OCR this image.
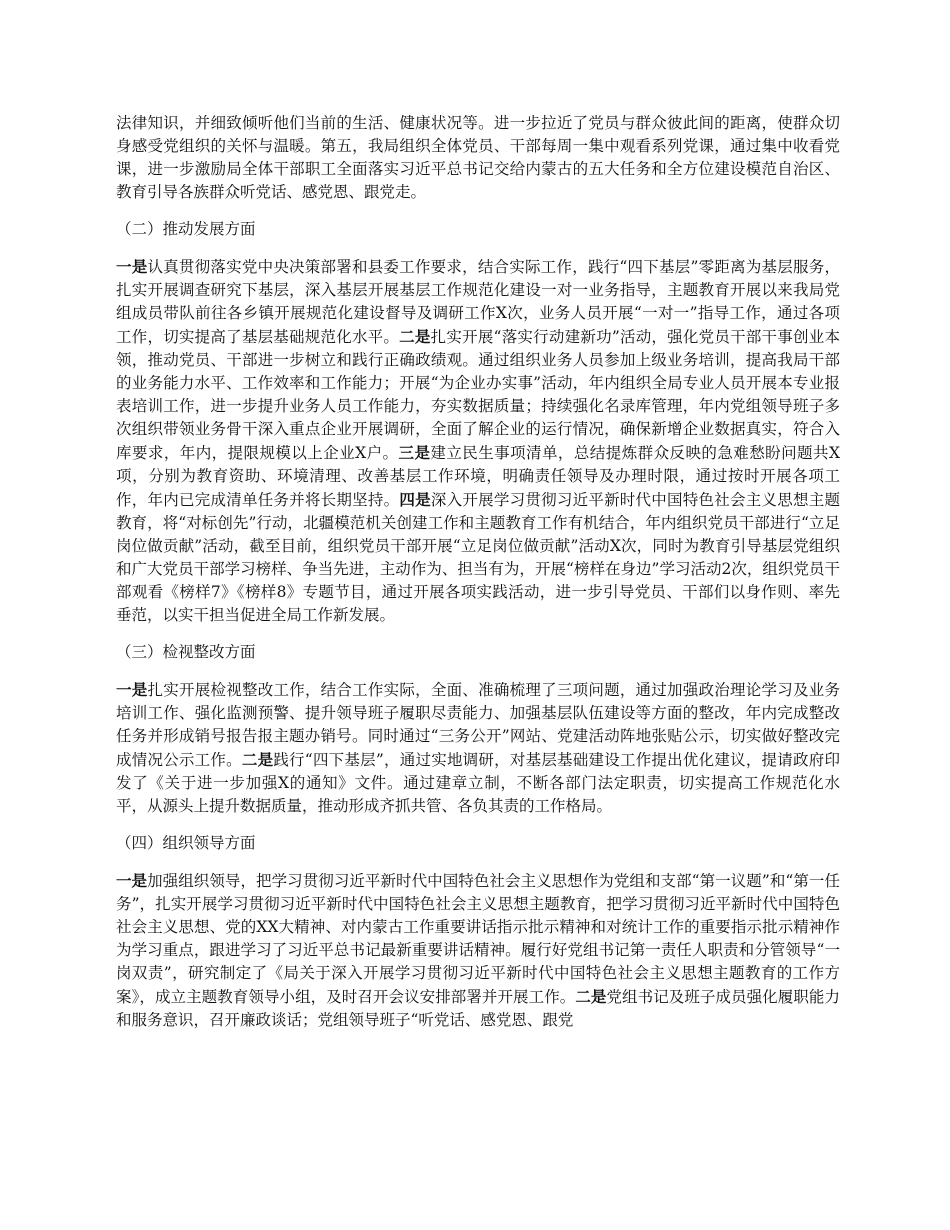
法律知识，并细致倾听他们当前的生活、健康状况等。进一步拉近了党员与群众彼此间的距离，使群众切身感受党组织的关怀与温暖。第五，我局组织全体党员、干部每周一集中观看系列党课，通过集中收看党课，进一步激励局全体干部职工全面落实习近平总书记交给内蒙古的五大任务和全方位建设模范自治区、教育引导各族群众听党话、感党恩、跟党走。

（二）推动发展方面

一是认真贯彻落实党中央决策部署和县委工作要求，结合实际工作，践行“四下基层”零距离为基层服务，扎实开展调查研究下基层，深入基层开展基层工作规范化建设一对一业务指导，主题教育开展以来我局党组成员带队前往各乡镇开展规范化建设督导及调研工作X次，业务人员开展“一对一”指导工作，通过各项工作，切实提高了基层基础规范化水平。二是扎实开展“落实行动建新功”活动，强化党员干部干事创业本领，推动党员、干部进一步树立和践行正确政绩观。通过组织业务人员参加上级业务培训，提高我局干部的业务能力水平、工作效率和工作能力；开展“为企业办实事”活动，年内组织全局专业人员开展本专业报表培训工作，进一步提升业务人员工作能力，夯实数据质量；持续强化名录库管理，年内党组领导班子多次组织带领业务骨干深入重点企业开展调研，全面了解企业的运行情况，确保新增企业数据真实，符合入库要求，年内，提限规模以上企业X户。三是建立民生事项清单，总结提炼群众反映的急难愁盼问题共X项，分别为教育资助、环境清理、改善基层工作环境，明确责任领导及办理时限，通过按时开展各项工作，年内已完成清单任务并将长期坚持。四是深入开展学习贯彻习近平新时代中国特色社会主义思想主题教育，将“对标创先”行动，北疆模范机关创建工作和主题教育工作有机结合，年内组织党员干部进行“立足岗位做贡献”活动，截至目前，组织党员干部开展“立足岗位做贡献”活动X次，同时为教育引导基层党组织和广大党员干部学习榜样、争当先进，主动作为、担当有为，开展“榜样在身边”学习活动2次，组织党员干部观看《榜样7》《榜样8》专题节目，通过开展各项实践活动，进一步引导党员、干部们以身作则、率先垂范，以实干担当促进全局工作新发展。

（三）检视整改方面

一是扎实开展检视整改工作，结合工作实际，全面、准确梳理了三项问题，通过加强政治理论学习及业务培训工作、强化监测预警、提升领导班子履职尽责能力、加强基层队伍建设等方面的整改，年内完成整改任务并形成销号报告报主题办销号。同时通过“三务公开”网站、党建活动阵地张贴公示，切实做好整改完成情况公示工作。二是践行“四下基层”，通过实地调研，对基层基础建设工作提出优化建议，提请政府印发了《关于进一步加强X的通知》文件。通过建章立制，不断各部门法定职责，切实提高工作规范化水平，从源头上提升数据质量，推动形成齐抓共管、各负其责的工作格局。

（四）组织领导方面

一是加强组织领导，把学习贯彻习近平新时代中国特色社会主义思想作为党组和支部“第一议题”和“第一任务”，扎实开展学习贯彻习近平新时代中国特色社会主义思想主题教育，把学习贯彻习近平新时代中国特色社会主义思想、党的XX大精神、对内蒙古工作重要讲话指示批示精神和对统计工作的重要指示批示精神作为学习重点，跟进学习了习近平总书记最新重要讲话精神。履行好党组书记第一责任人职责和分管领导“一岗双责”，研究制定了《局关于深入开展学习贯彻习近平新时代中国特色社会主义思想主题教育的工作方案》，成立主题教育领导小组，及时召开会议安排部署并开展工作。二是党组书记及班子成员强化履职能力和服务意识，召开廉政谈话；党组领导班子“听党话、感党恩、跟党
